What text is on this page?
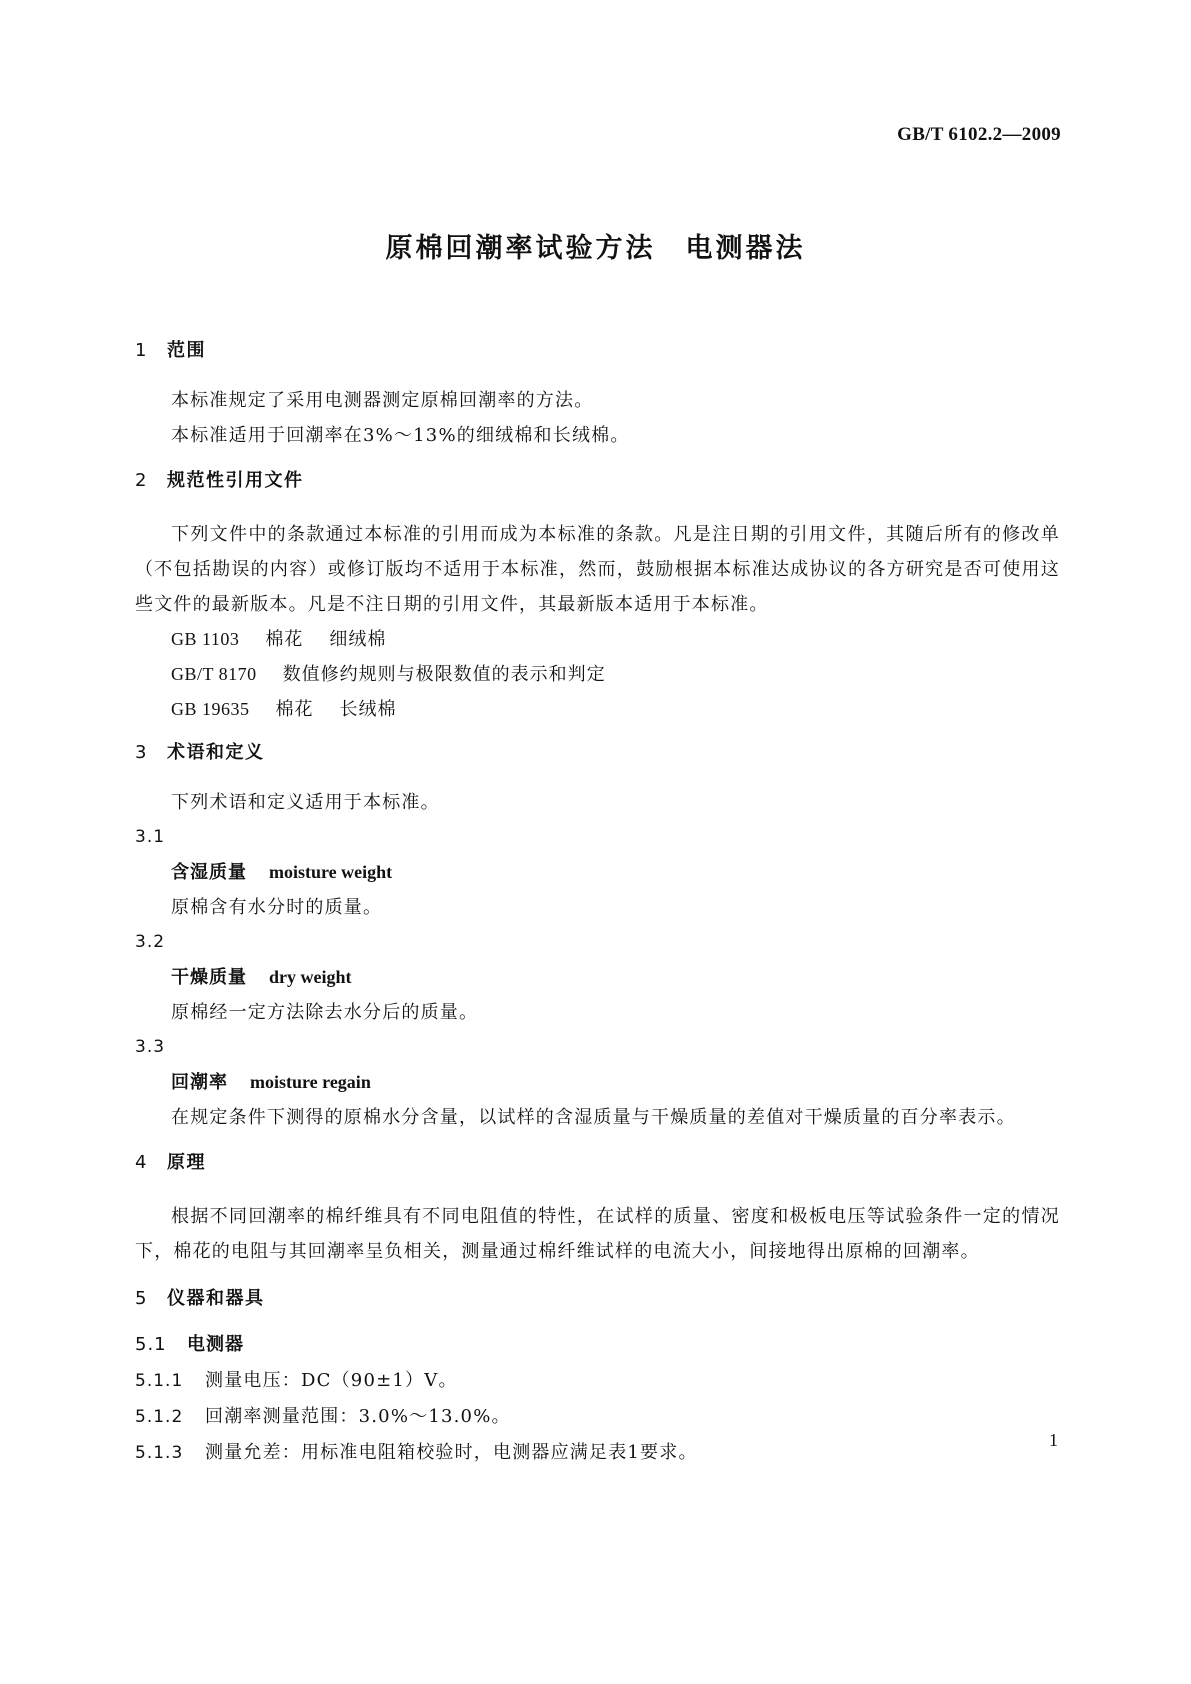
GB/T 6102.2—2009
原棉回潮率试验方法　电测器法
1 范围
本标准规定了采用电测器测定原棉回潮率的方法。
本标准适用于回潮率在3%～13%的细绒棉和长绒棉。
2 规范性引用文件
下列文件中的条款通过本标准的引用而成为本标准的条款。凡是注日期的引用文件，其随后所有的修改单（不包括勘误的内容）或修订版均不适用于本标准，然而，鼓励根据本标准达成协议的各方研究是否可使用这些文件的最新版本。凡是不注日期的引用文件，其最新版本适用于本标准。
GB 1103 棉花 细绒棉
GB/T 8170 数值修约规则与极限数值的表示和判定
GB 19635 棉花 长绒棉
3 术语和定义
下列术语和定义适用于本标准。
3.1
含湿质量 moisture weight
原棉含有水分时的质量。
3.2
干燥质量 dry weight
原棉经一定方法除去水分后的质量。
3.3
回潮率 moisture regain
在规定条件下测得的原棉水分含量，以试样的含湿质量与干燥质量的差值对干燥质量的百分率表示。
4 原理
根据不同回潮率的棉纤维具有不同电阻值的特性，在试样的质量、密度和极板电压等试验条件一定的情况下，棉花的电阻与其回潮率呈负相关，测量通过棉纤维试样的电流大小，间接地得出原棉的回潮率。
5 仪器和器具
5.1 电测器
5.1.1 测量电压：DC（90±1）V。
5.1.2 回潮率测量范围：3.0%～13.0%。
5.1.3 测量允差：用标准电阻箱校验时，电测器应满足表1要求。
1
